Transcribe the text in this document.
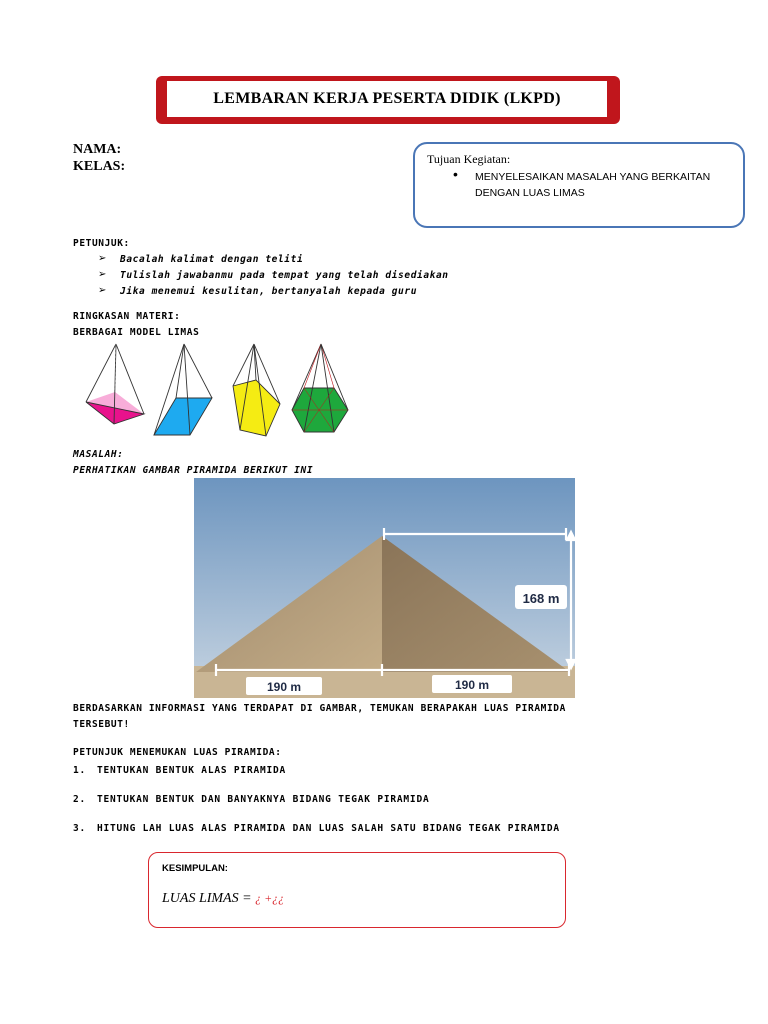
LEMBARAN KERJA PESERTA DIDIK (LKPD)
NAMA:
KELAS:	Tujuan Kegiatan:
• MENYELESAIKAN MASALAH YANG BERKAITAN DENGAN LUAS LIMAS
PETUNJUK:
➢ Bacalah kalimat dengan teliti
➢ Tulislah jawabanmu pada tempat yang telah disediakan
➢ Jika menemui kesulitan, bertanyalah kepada guru
RINGKASAN MATERI:
BERBAGAI MODEL LIMAS
MASALAH:
PERHATIKAN GAMBAR PIRAMIDA BERIKUT INI
168 m
190 m	190 m
BERDASARKAN INFORMASI YANG TERDAPAT DI GAMBAR, TEMUKAN BERAPAKAH LUAS PIRAMIDA
TERSEBUT!
PETUNJUK MENEMUKAN LUAS PIRAMIDA:
1. TENTUKAN BENTUK ALAS PIRAMIDA
2. TENTUKAN BENTUK DAN BANYAKNYA BIDANG TEGAK PIRAMIDA
3. HITUNG LAH LUAS ALAS PIRAMIDA DAN LUAS SALAH SATU BIDANG TEGAK PIRAMIDA
KESIMPULAN:
LUAS LIMAS = ¿ +¿¿
